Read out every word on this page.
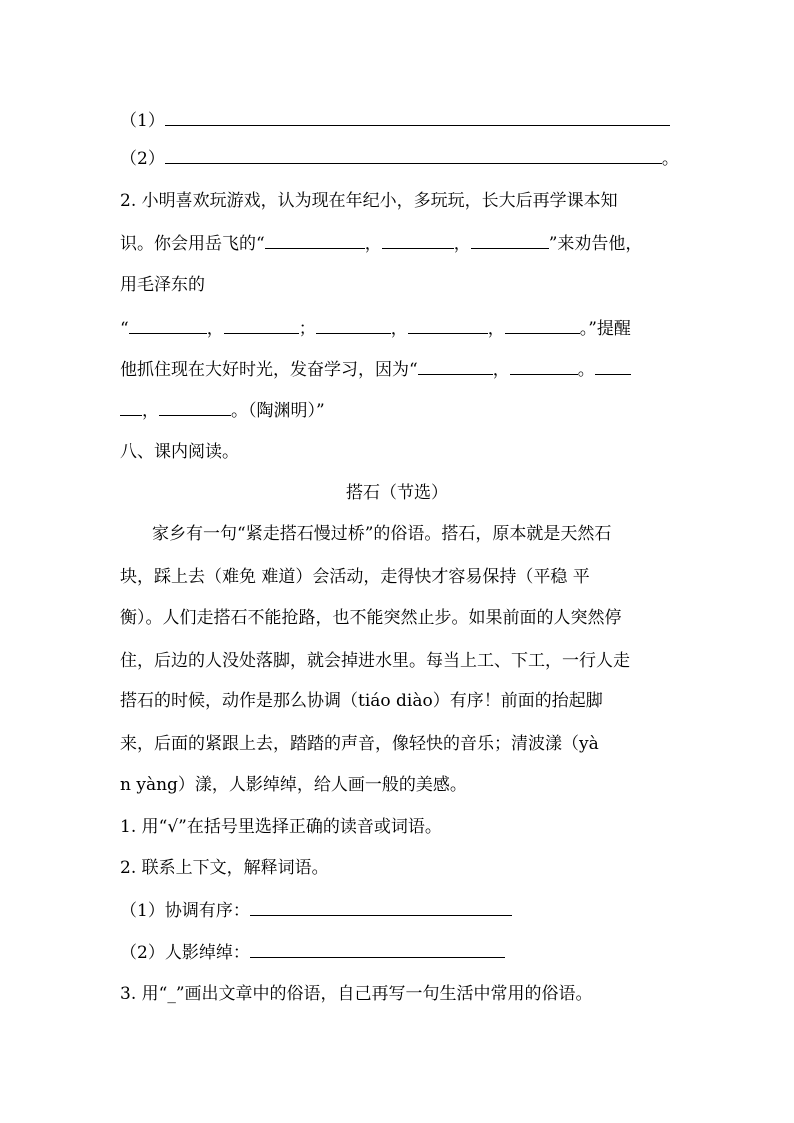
（1）
（2）	。
2. 小明喜欢玩游戏，认为现在年纪小，多玩玩，长大后再学课本知
识。你会用岳飞的“	，	，	”来劝告他，
用毛泽东的
“	，	；	，	，	。”提醒
他抓住现在大好时光，发奋学习，因为“	，	。
，	。（陶渊明）”
八、课内阅读。
搭石（节选）
家乡有一句“紧走搭石慢过桥”的俗语。搭石，原本就是天然石
块，踩上去（难免 难道）会活动，走得快才容易保持（平稳 平
衡）。人们走搭石不能抢路，也不能突然止步。如果前面的人突然停
住，后边的人没处落脚，就会掉进水里。每当上工、下工，一行人走
搭石的时候，动作是那么协调（tiáo diào）有序！前面的抬起脚
来，后面的紧跟上去，踏踏的声音，像轻快的音乐；清波漾（yà
n yàng）漾，人影绰绰，给人画一般的美感。
1. 用“√”在括号里选择正确的读音或词语。
2. 联系上下文，解释词语。
（1）协调有序：
（2）人影绰绰：
3. 用“_”画出文章中的俗语，自己再写一句生活中常用的俗语。
